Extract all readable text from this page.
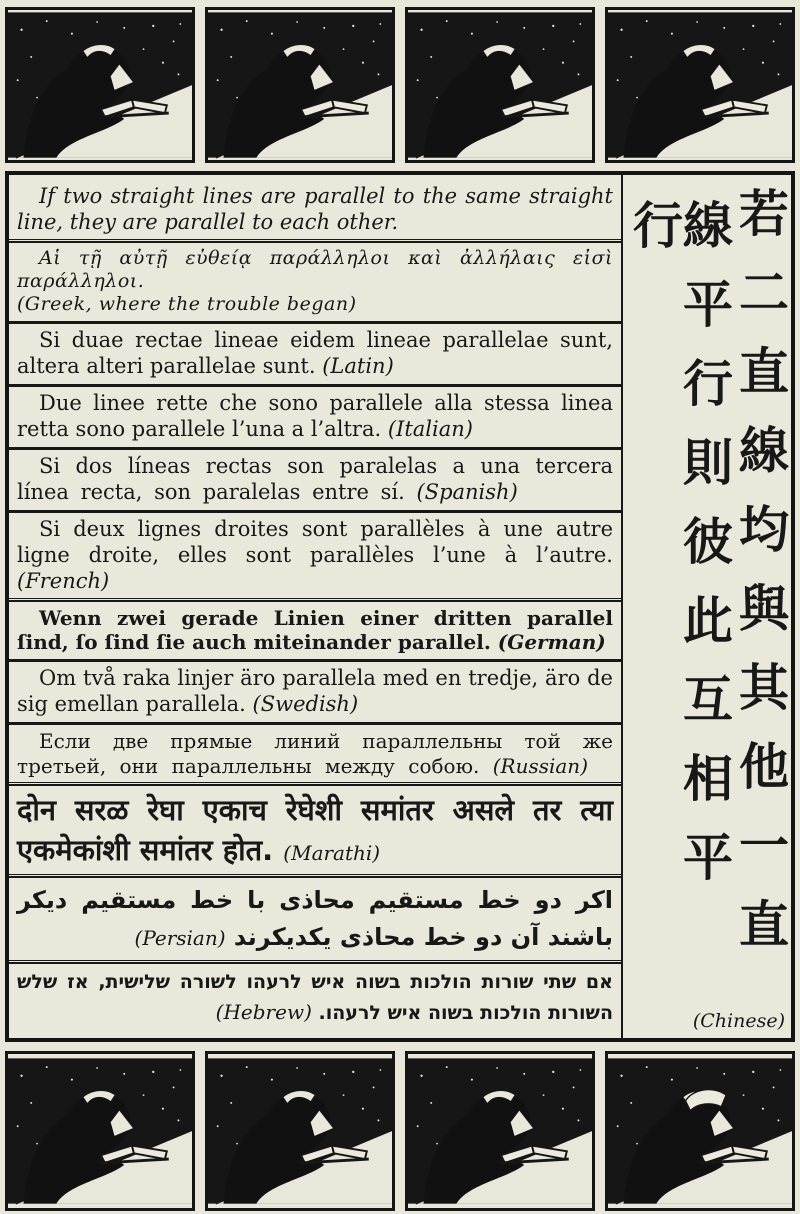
If two straight lines are parallel to the same straight line, they are parallel to each other.

Αἱ τῇ αὐτῇ εὐθείᾳ παράλληλοι καὶ ἀλλήλαις εἰσὶ παράλληλοι.
(Greek, where the trouble began)

Si duae rectae lineae eidem lineae parallelae sunt, altera alteri parallelae sunt. (Latin)

Due linee rette che sono parallele alla stessa linea retta sono parallele l’una a l’altra. (Italian)

Si dos líneas rectas son paralelas a una tercera línea recta, son paralelas entre sí. (Spanish)

Si deux lignes droites sont parallèles à une autre ligne droite, elles sont parallèles l’une à l’autre. (French)

Wenn zwei gerade Linien einer dritten parallel ſind, ſo ſind ſie auch miteinander parallel. (German)

Om två raka linjer äro parallela med en tredje, äro de sig emellan parallela. (Swedish)

Если две прямые линий параллельны той же третьей, они параллельны между собою. (Russian)

दोन सरळ रेघा एकाच रेघेशी समांतर असले तर त्या एकमेकांशी समांतर होत. (Marathi)

اكر دو خط مستقيم محاذى با خط مستقيم ديكر باشند آن دو خط محاذى يكديكرند (Persian)

אם שתי שורות הולכות בשוה איש לרעהו לשורה שלישית, אז שלש השורות הולכות בשוה איש לרעהו. (Hebrew)

線平行則彼此互相平行 若二直線均與其他一直
(Chinese)
